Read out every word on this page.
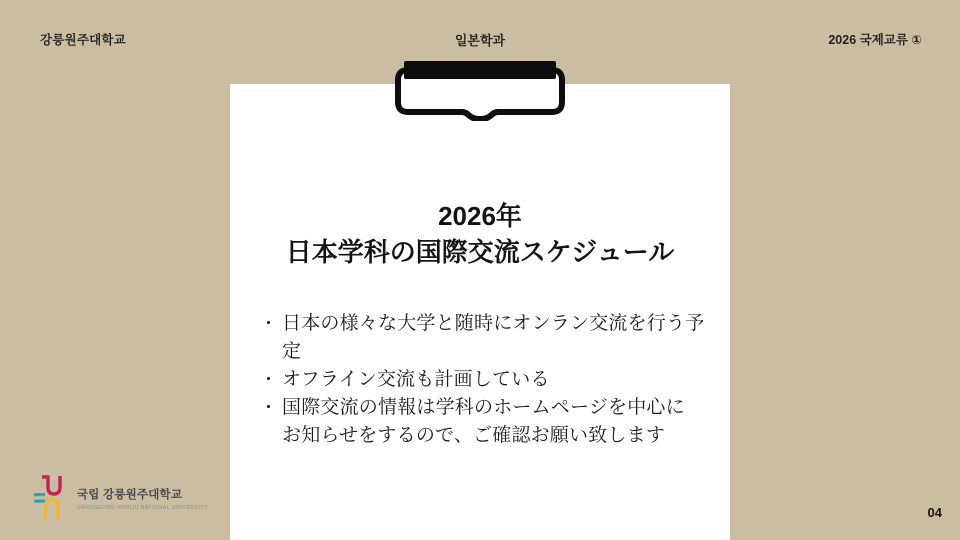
강릉원주대학교	일본학과	2026 국제교류 ①
2026年
日本学科の国際交流スケジュール
・ 日本の様々な大学と随時にオンラン交流を行う予定
・ オフライン交流も計画している
・ 国際交流の情報は学科のホームページを中心に
お知らせをするので、ご確認お願い致します
국립 강릉원주대학교
GANGNEUNG-WONJU NATIONAL UNIVERSITY	04
